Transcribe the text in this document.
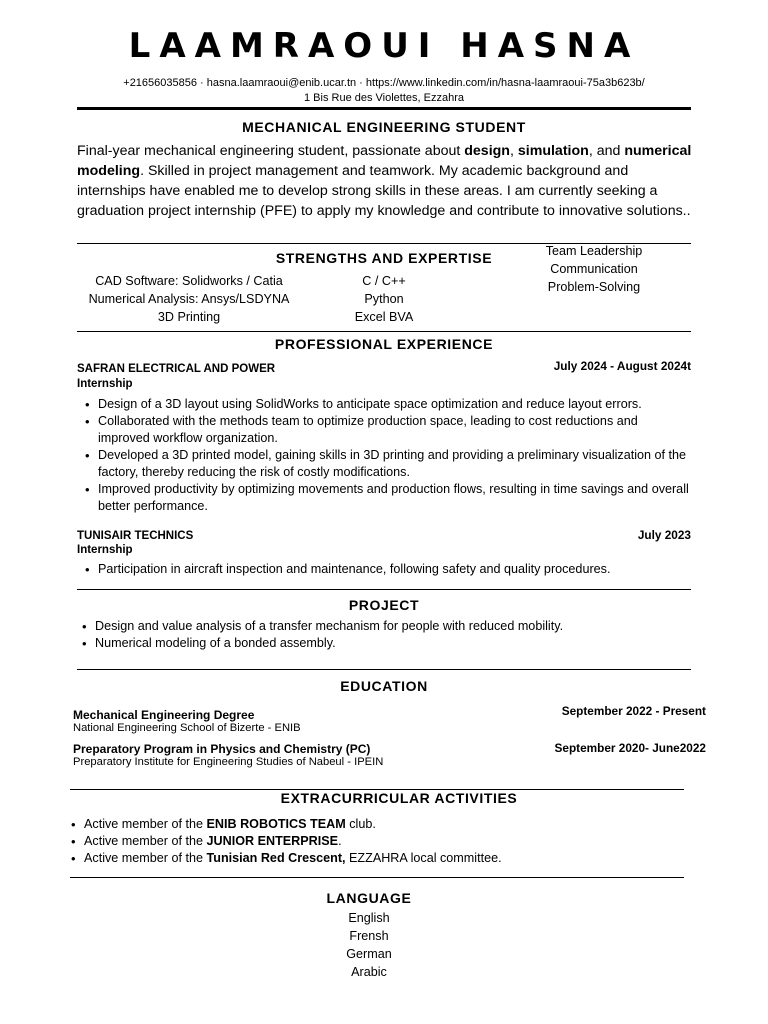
LAAMRAOUI HASNA
+21656035856 · hasna.laamraoui@enib.ucar.tn · https://www.linkedin.com/in/hasna-laamraoui-75a3b623b/
1 Bis Rue des Violettes, Ezzahra
MECHANICAL ENGINEERING STUDENT
Final-year mechanical engineering student, passionate about design, simulation, and numerical modeling. Skilled in project management and teamwork. My academic background and internships have enabled me to develop strong skills in these areas. I am currently seeking a graduation project internship (PFE) to apply my knowledge and contribute to innovative solutions..
STRENGTHS AND EXPERTISE
CAD Software: Solidworks / Catia
Numerical Analysis: Ansys/LSDYNA
3D Printing
C / C++
Python
Excel BVA
Team Leadership
Communication
Problem-Solving
PROFESSIONAL EXPERIENCE
SAFRAN ELECTRICAL AND POWER
Internship
July 2024 - August 2024t
• Design of a 3D layout using SolidWorks to anticipate space optimization and reduce layout errors.
• Collaborated with the methods team to optimize production space, leading to cost reductions and improved workflow organization.
• Developed a 3D printed model, gaining skills in 3D printing and providing a preliminary visualization of the factory, thereby reducing the risk of costly modifications.
• Improved productivity by optimizing movements and production flows, resulting in time savings and overall better performance.
TUNISAIR TECHNICS
Internship
July 2023
• Participation in aircraft inspection and maintenance, following safety and quality procedures.
PROJECT
• Design and value analysis of a transfer mechanism for people with reduced mobility.
• Numerical modeling of a bonded assembly.
EDUCATION
Mechanical Engineering Degree
National Engineering School of Bizerte - ENIB
September 2022 - Present
Preparatory Program in Physics and Chemistry (PC)
Preparatory Institute for Engineering Studies of Nabeul - IPEIN
September 2020- June2022
EXTRACURRICULAR ACTIVITIES
• Active member of the ENIB ROBOTICS TEAM club.
• Active member of the JUNIOR ENTERPRISE.
• Active member of the Tunisian Red Crescent, EZZAHRA local committee.
LANGUAGE
English
Frensh
German
Arabic
